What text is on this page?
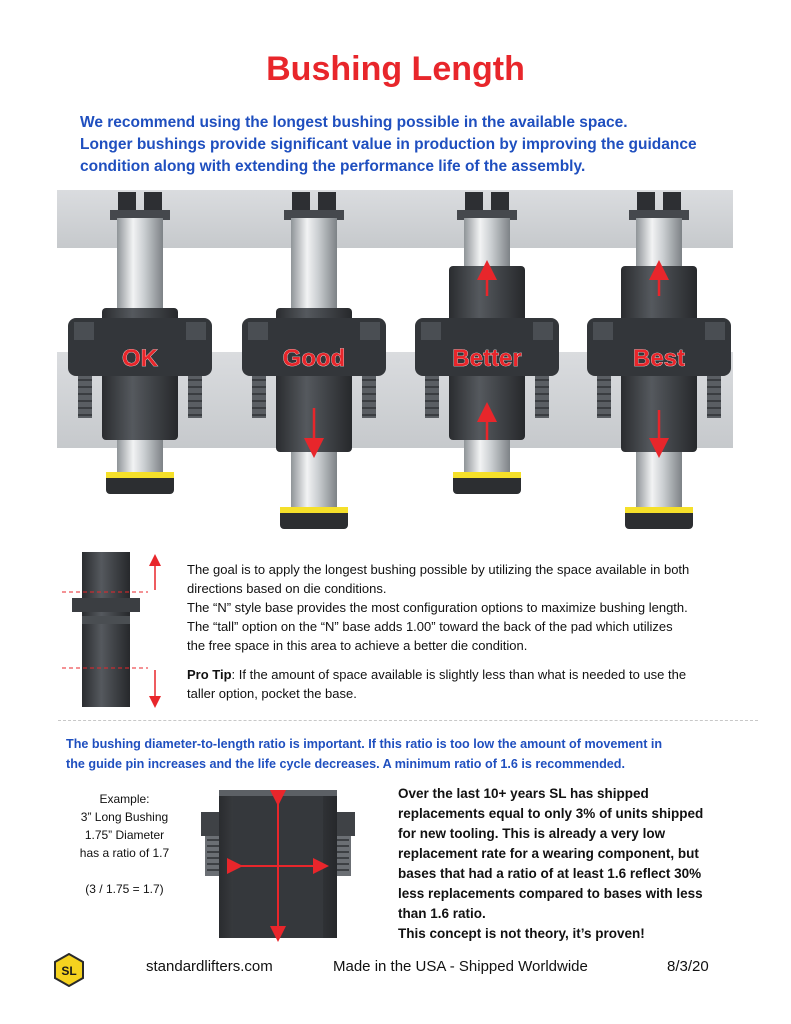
Bushing Length
We recommend using the longest bushing possible in the available space.
Longer bushings provide significant value in production by improving the guidance
condition along with extending the performance life of the assembly.
OK	Good	Better	Best

The goal is to apply the longest bushing possible by utilizing the space available in both

directions based on die conditions.

The “N” style base provides the most configuration options to maximize bushing length.

The “tall” option on the “N” base adds 1.00” toward the back of the pad which utilizes

the free space in this area to achieve a better die condition.

Pro Tip: If the amount of space available is slightly less than what is needed to use the

taller option, pocket the base.

The bushing diameter-to-length ratio is important. If this ratio is too low the amount of movement in
the guide pin increases and the life cycle decreases. A minimum ratio of 1.6 is recommended.
Example:
3” Long Bushing
1.75” Diameter
has a ratio of 1.7
(3 / 1.75 = 1.7)
Over the last 10+ years SL has shipped
replacements equal to only 3% of units shipped
for new tooling. This is already a very low
replacement rate for a wearing component, but
bases that had a ratio of at least 1.6 reflect 30%
less replacements compared to bases with less
than 1.6 ratio.
This concept is not theory, it’s proven!
SL	standardlifters.com	Made in the USA - Shipped Worldwide	8/3/20
